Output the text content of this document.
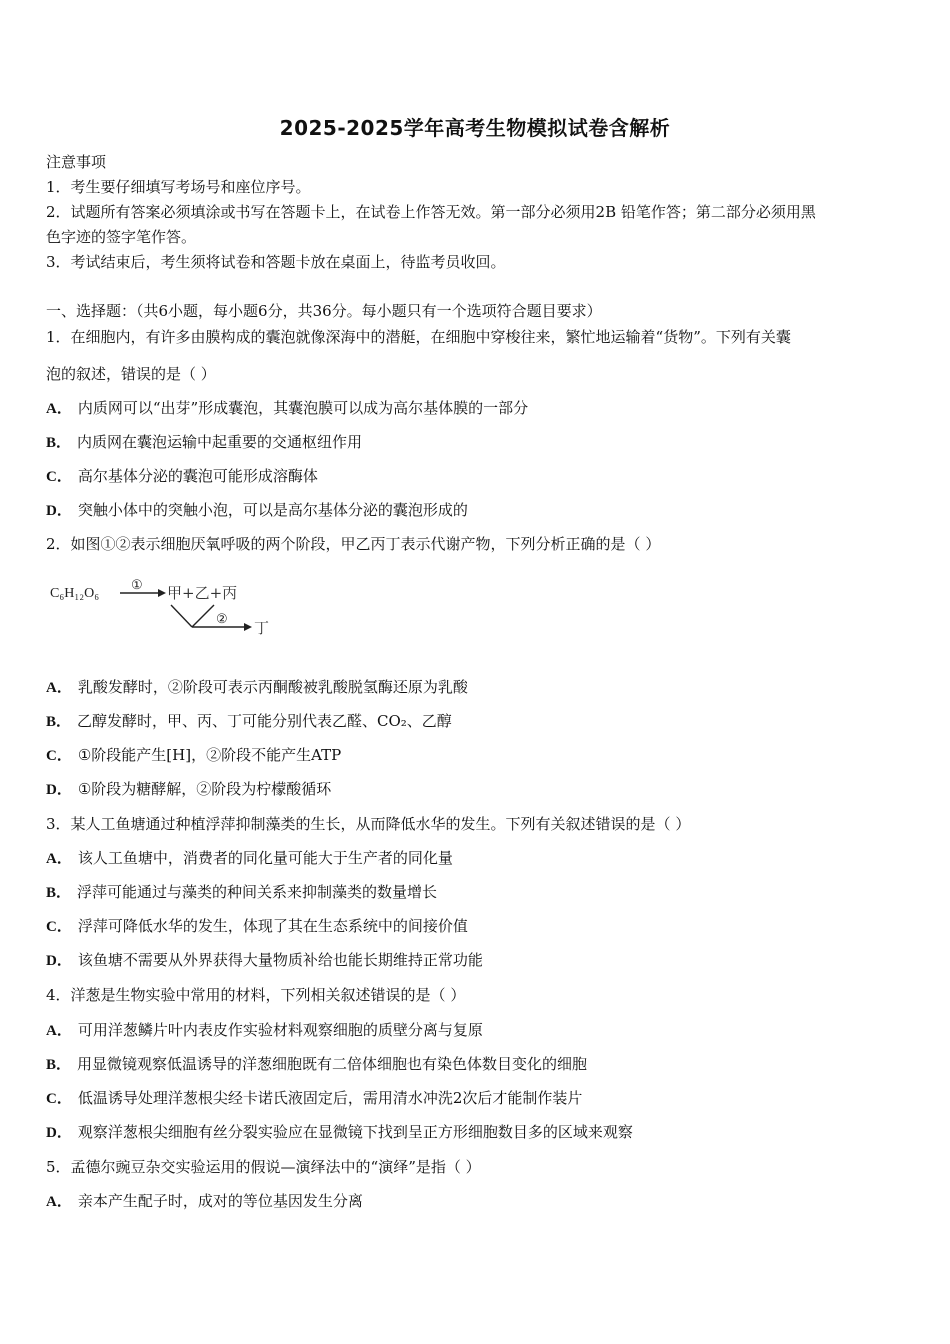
2025-2025学年高考生物模拟试卷含解析
注意事项
1．考生要仔细填写考场号和座位序号。
2．试题所有答案必须填涂或书写在答题卡上，在试卷上作答无效。第一部分必须用2B 铅笔作答；第二部分必须用黑
色字迹的签字笔作答。
3．考试结束后，考生须将试卷和答题卡放在桌面上，待监考员收回。
一、选择题：（共6小题，每小题6分，共36分。每小题只有一个选项符合题目要求）
1．在细胞内，有许多由膜构成的囊泡就像深海中的潜艇，在细胞中穿梭往来，繁忙地运输着“货物”。下列有关囊
泡的叙述，错误的是（ ）
A． 内质网可以“出芽”形成囊泡，其囊泡膜可以成为高尔基体膜的一部分
B． 内质网在囊泡运输中起重要的交通枢纽作用
C． 高尔基体分泌的囊泡可能形成溶酶体
D． 突触小体中的突触小泡，可以是高尔基体分泌的囊泡形成的
2．如图①②表示细胞厌氧呼吸的两个阶段，甲乙丙丁表示代谢产物，下列分析正确的是（ ）
C₆H₁₂O₆
① 甲+乙+丙
② 丁
A． 乳酸发酵时，②阶段可表示丙酮酸被乳酸脱氢酶还原为乳酸
B． 乙醇发酵时，甲、丙、丁可能分别代表乙醛、CO₂、乙醇
C． ①阶段能产生[H]，②阶段不能产生ATP
D． ①阶段为糖酵解，②阶段为柠檬酸循环
3．某人工鱼塘通过种植浮萍抑制藻类的生长，从而降低水华的发生。下列有关叙述错误的是（ ）
A． 该人工鱼塘中，消费者的同化量可能大于生产者的同化量
B． 浮萍可能通过与藻类的种间关系来抑制藻类的数量增长
C． 浮萍可降低水华的发生，体现了其在生态系统中的间接价值
D． 该鱼塘不需要从外界获得大量物质补给也能长期维持正常功能
4．洋葱是生物实验中常用的材料，下列相关叙述错误的是（ ）
A． 可用洋葱鳞片叶内表皮作实验材料观察细胞的质壁分离与复原
B． 用显微镜观察低温诱导的洋葱细胞既有二倍体细胞也有染色体数目变化的细胞
C． 低温诱导处理洋葱根尖经卡诺氏液固定后，需用清水冲洗2次后才能制作装片
D． 观察洋葱根尖细胞有丝分裂实验应在显微镜下找到呈正方形细胞数目多的区域来观察
5．孟德尔豌豆杂交实验运用的假说—演绎法中的“演绎”是指（ ）
A． 亲本产生配子时，成对的等位基因发生分离
